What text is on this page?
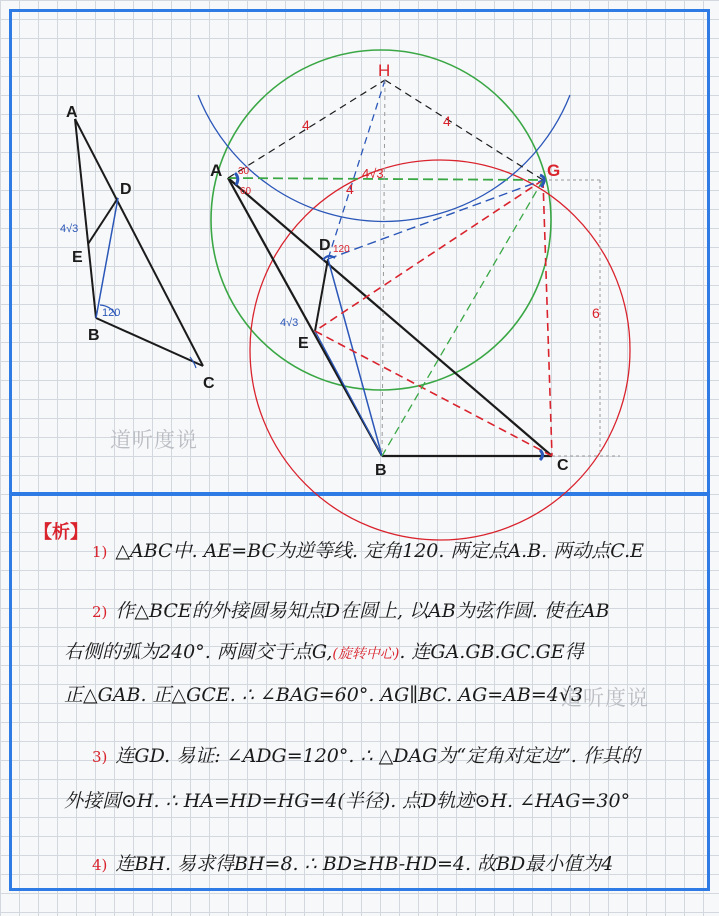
A
D
E
B
C
4√3
120
H
A	G
D
E
B	C
4	4
4
4√3
4√3
6
30
60
120
道听度说
道听度说
【析】
1) △ABC中. AE=BC为逆等线. 定角120. 两定点A.B. 两动点C.E
2) 作△BCE的外接圆易知点D在圆上, 以AB为弦作圆. 使在AB
右侧的弧为240°. 两圆交于点G,(旋转中心). 连GA.GB.GC.GE得
正△GAB. 正△GCE. ∴ ∠BAG=60°. AG∥BC. AG=AB=4√3
3) 连GD. 易证: ∠ADG=120°. ∴ △DAG为“定角对定边”. 作其的
外接圆⊙H. ∴ HA=HD=HG=4(半径). 点D轨迹⊙H. ∠HAG=30°
4) 连BH. 易求得BH=8. ∴ BD≥HB-HD=4. 故BD最小值为4
